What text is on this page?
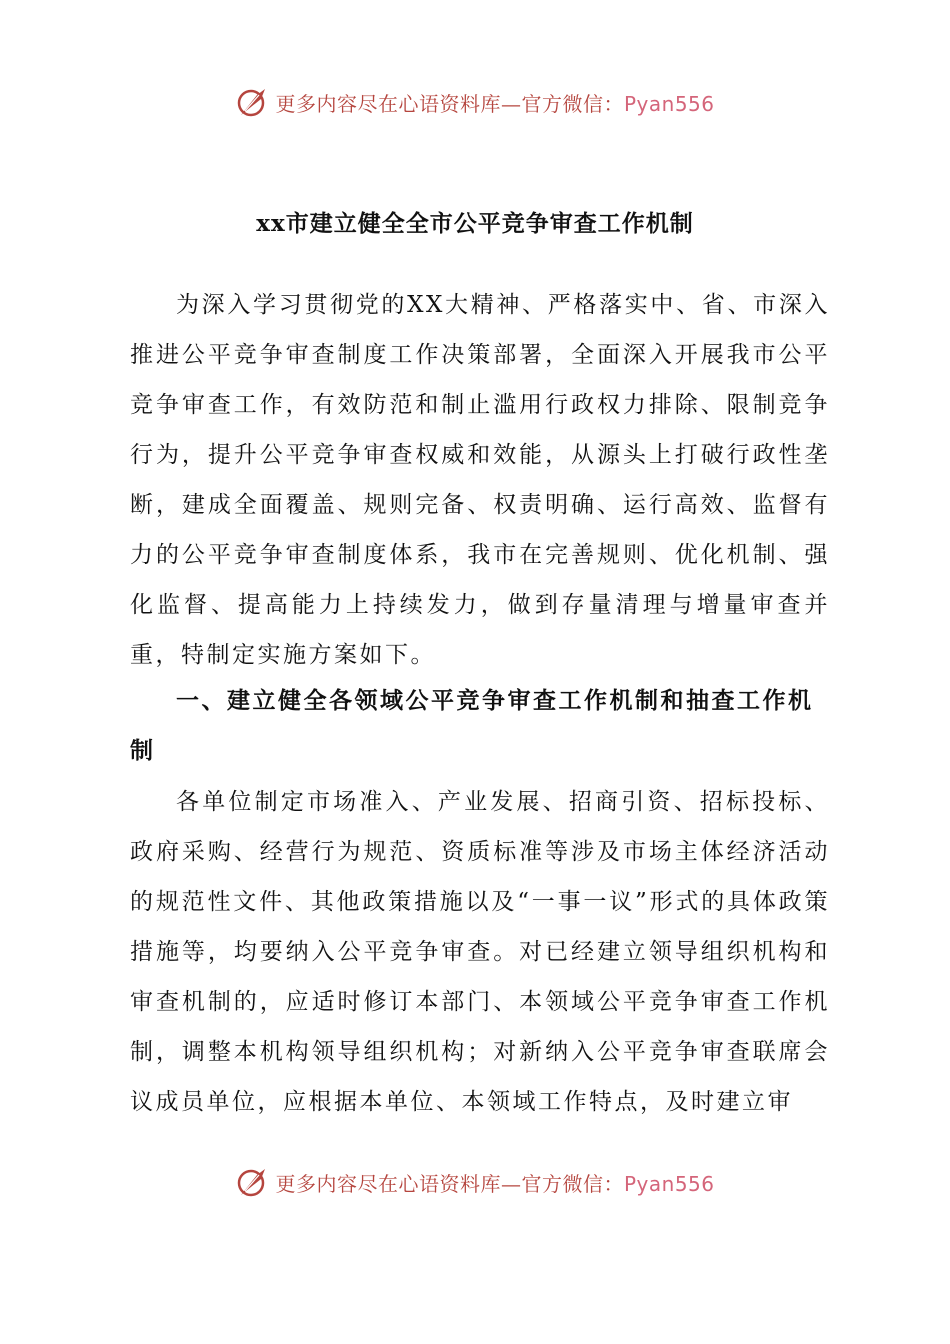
更多内容尽在心语资料库—官方微信：Pyan556
xx市建立健全全市公平竞争审查工作机制

为深入学习贯彻党的XX大精神、严格落实中、省、市深入推进公平竞争审查制度工作决策部署，全面深入开展我市公平竞争审查工作，有效防范和制止滥用行政权力排除、限制竞争行为，提升公平竞争审查权威和效能，从源头上打破行政性垄断，建成全面覆盖、规则完备、权责明确、运行高效、监督有力的公平竞争审查制度体系，我市在完善规则、优化机制、强化监督、提高能力上持续发力，做到存量清理与增量审查并重，特制定实施方案如下。

一、建立健全各领域公平竞争审查工作机制和抽查工作机制

各单位制定市场准入、产业发展、招商引资、招标投标、政府采购、经营行为规范、资质标准等涉及市场主体经济活动的规范性文件、其他政策措施以及“一事一议”形式的具体政策措施等，均要纳入公平竞争审查。对已经建立领导组织机构和审查机制的，应适时修订本部门、本领域公平竞争审查工作机制，调整本机构领导组织机构；对新纳入公平竞争审查联席会议成员单位，应根据本单位、本领域工作特点，及时建立审

更多内容尽在心语资料库—官方微信：Pyan556
